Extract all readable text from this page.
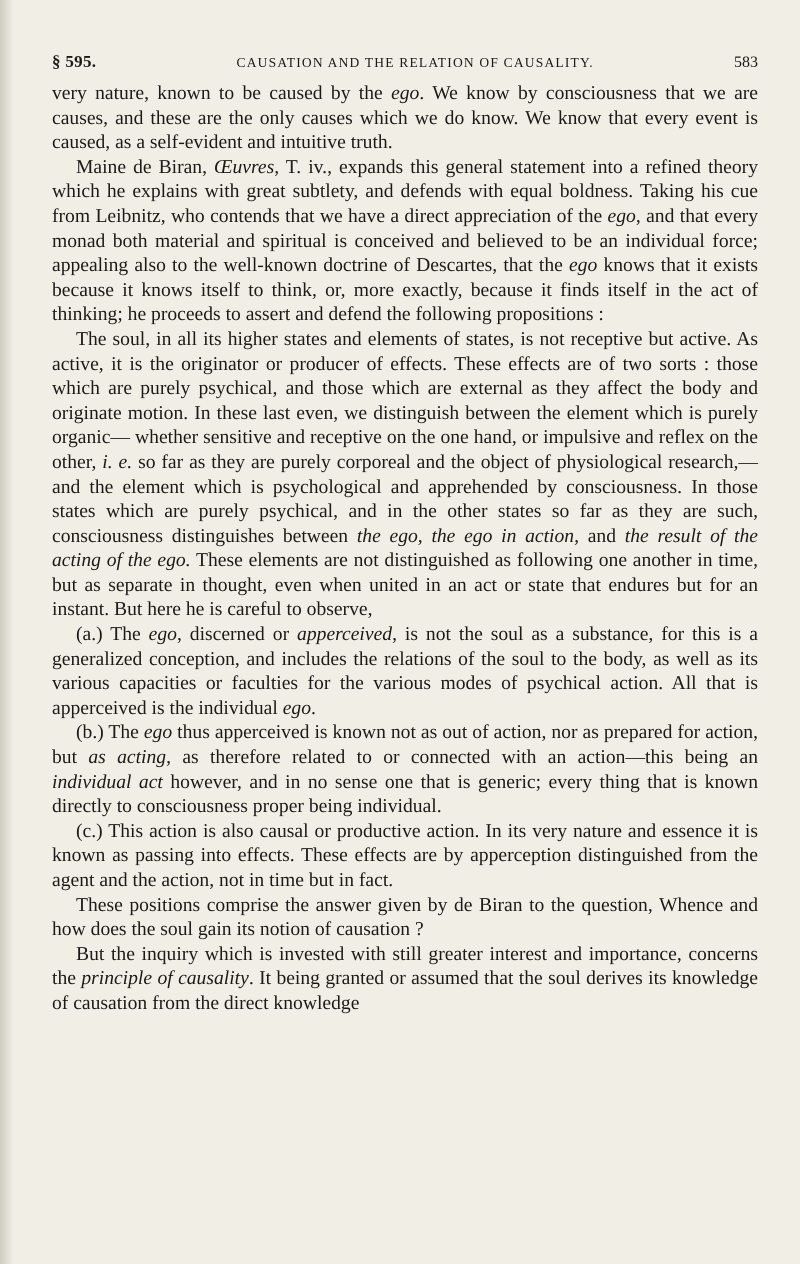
§ 595.	CAUSATION AND THE RELATION OF CAUSALITY.	583

very nature, known to be caused by the ego. We know by consciousness that we are causes, and these are the only causes which we do know. We know that every event is caused, as a self-evident and intuitive truth.

Maine de Biran, Œuvres, T. iv., expands this general statement into a refined theory which he explains with great subtlety, and defends with equal boldness. Taking his cue from Leibnitz, who contends that we have a direct appreciation of the ego, and that every monad both material and spiritual is conceived and believed to be an individual force; appealing also to the well-known doctrine of Descartes, that the ego knows that it exists because it knows itself to think, or, more exactly, because it finds itself in the act of thinking; he proceeds to assert and defend the following propositions :

The soul, in all its higher states and elements of states, is not receptive but active. As active, it is the originator or producer of effects. These effects are of two sorts : those which are purely psychical, and those which are external as they affect the body and originate motion. In these last even, we distinguish between the element which is purely organic— whether sensitive and receptive on the one hand, or impulsive and reflex on the other, i. e. so far as they are purely corporeal and the object of physiological research,—and the element which is psychological and apprehended by consciousness. In those states which are purely psychical, and in the other states so far as they are such, consciousness distinguishes between the ego, the ego in action, and the result of the acting of the ego. These elements are not distinguished as following one another in time, but as separate in thought, even when united in an act or state that endures but for an instant. But here he is careful to observe,

(a.) The ego, discerned or apperceived, is not the soul as a substance, for this is a generalized conception, and includes the relations of the soul to the body, as well as its various capacities or faculties for the various modes of psychical action. All that is apperceived is the individual ego.

(b.) The ego thus apperceived is known not as out of action, nor as prepared for action, but as acting, as therefore related to or connected with an action—this being an individual act however, and in no sense one that is generic; every thing that is known directly to consciousness proper being individual.

(c.) This action is also causal or productive action. In its very nature and essence it is known as passing into effects. These effects are by apperception distinguished from the agent and the action, not in time but in fact.

These positions comprise the answer given by de Biran to the question, Whence and how does the soul gain its notion of causation ?

But the inquiry which is invested with still greater interest and importance, concerns the principle of causality. It being granted or assumed that the soul derives its knowledge of causation from the direct knowledge
